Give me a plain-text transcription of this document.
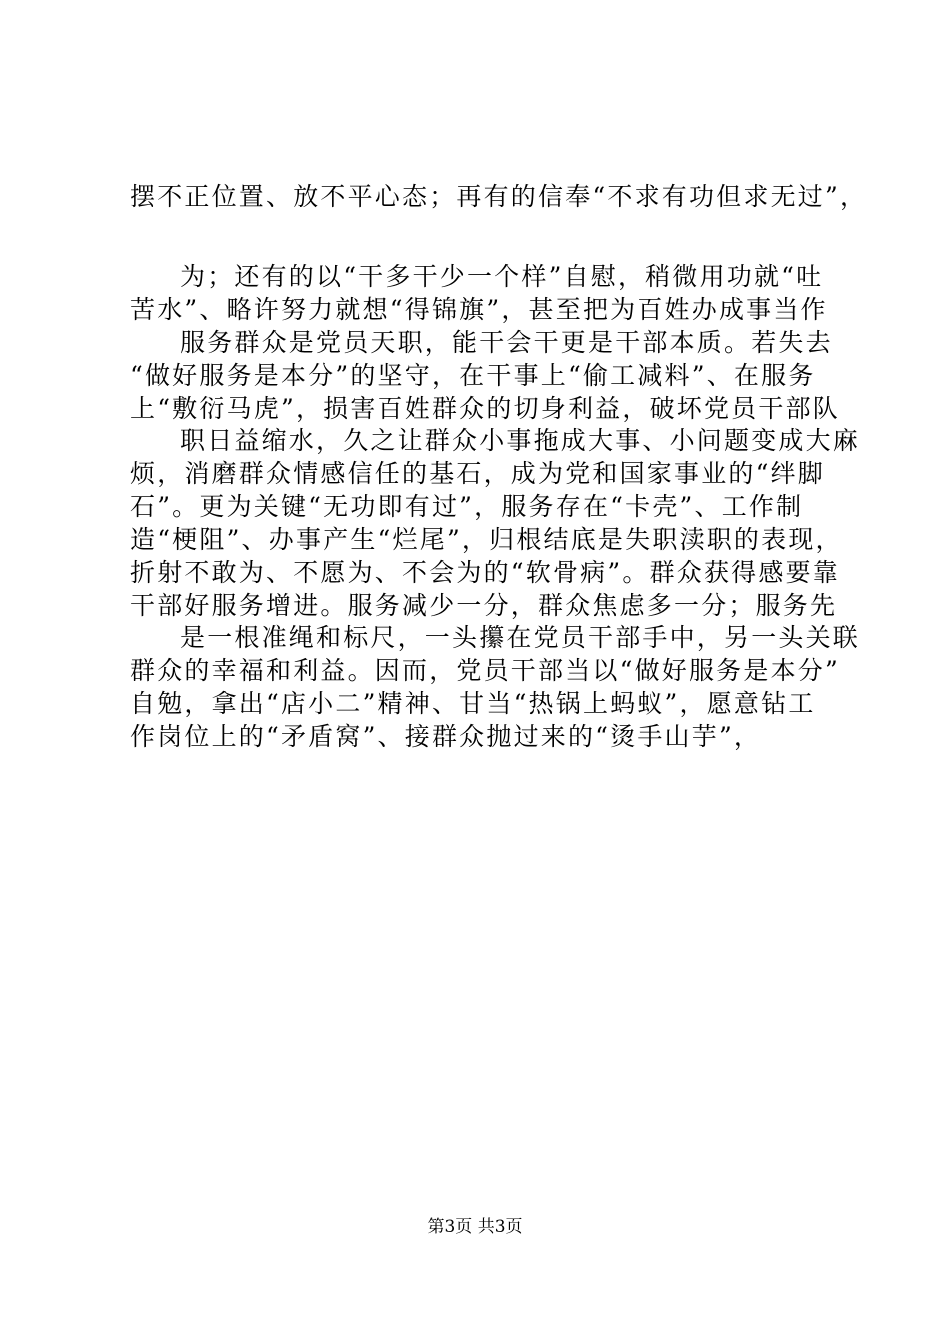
摆不正位置、放不平心态；再有的信奉“不求有功但求无过”，
为；还有的以“干多干少一个样”自慰，稍微用功就“吐
苦水”、略许努力就想“得锦旗”，甚至把为百姓办成事当作
服务群众是党员天职，能干会干更是干部本质。若失去
“做好服务是本分”的坚守，在干事上“偷工减料”、在服务
上“敷衍马虎”，损害百姓群众的切身利益，破坏党员干部队
职日益缩水，久之让群众小事拖成大事、小问题变成大麻
烦，消磨群众情感信任的基石，成为党和国家事业的“绊脚
石”。更为关键“无功即有过”，服务存在“卡壳”、工作制
造“梗阻”、办事产生“烂尾”，归根结底是失职渎职的表现，
折射不敢为、不愿为、不会为的“软骨病”。群众获得感要靠
干部好服务增进。服务减少一分，群众焦虑多一分；服务先
是一根准绳和标尺，一头攥在党员干部手中，另一头关联
群众的幸福和利益。因而，党员干部当以“做好服务是本分”
自勉，拿出“店小二”精神、甘当“热锅上蚂蚁”，愿意钻工
作岗位上的“矛盾窝”、接群众抛过来的“烫手山芋”，
第3页 共3页
